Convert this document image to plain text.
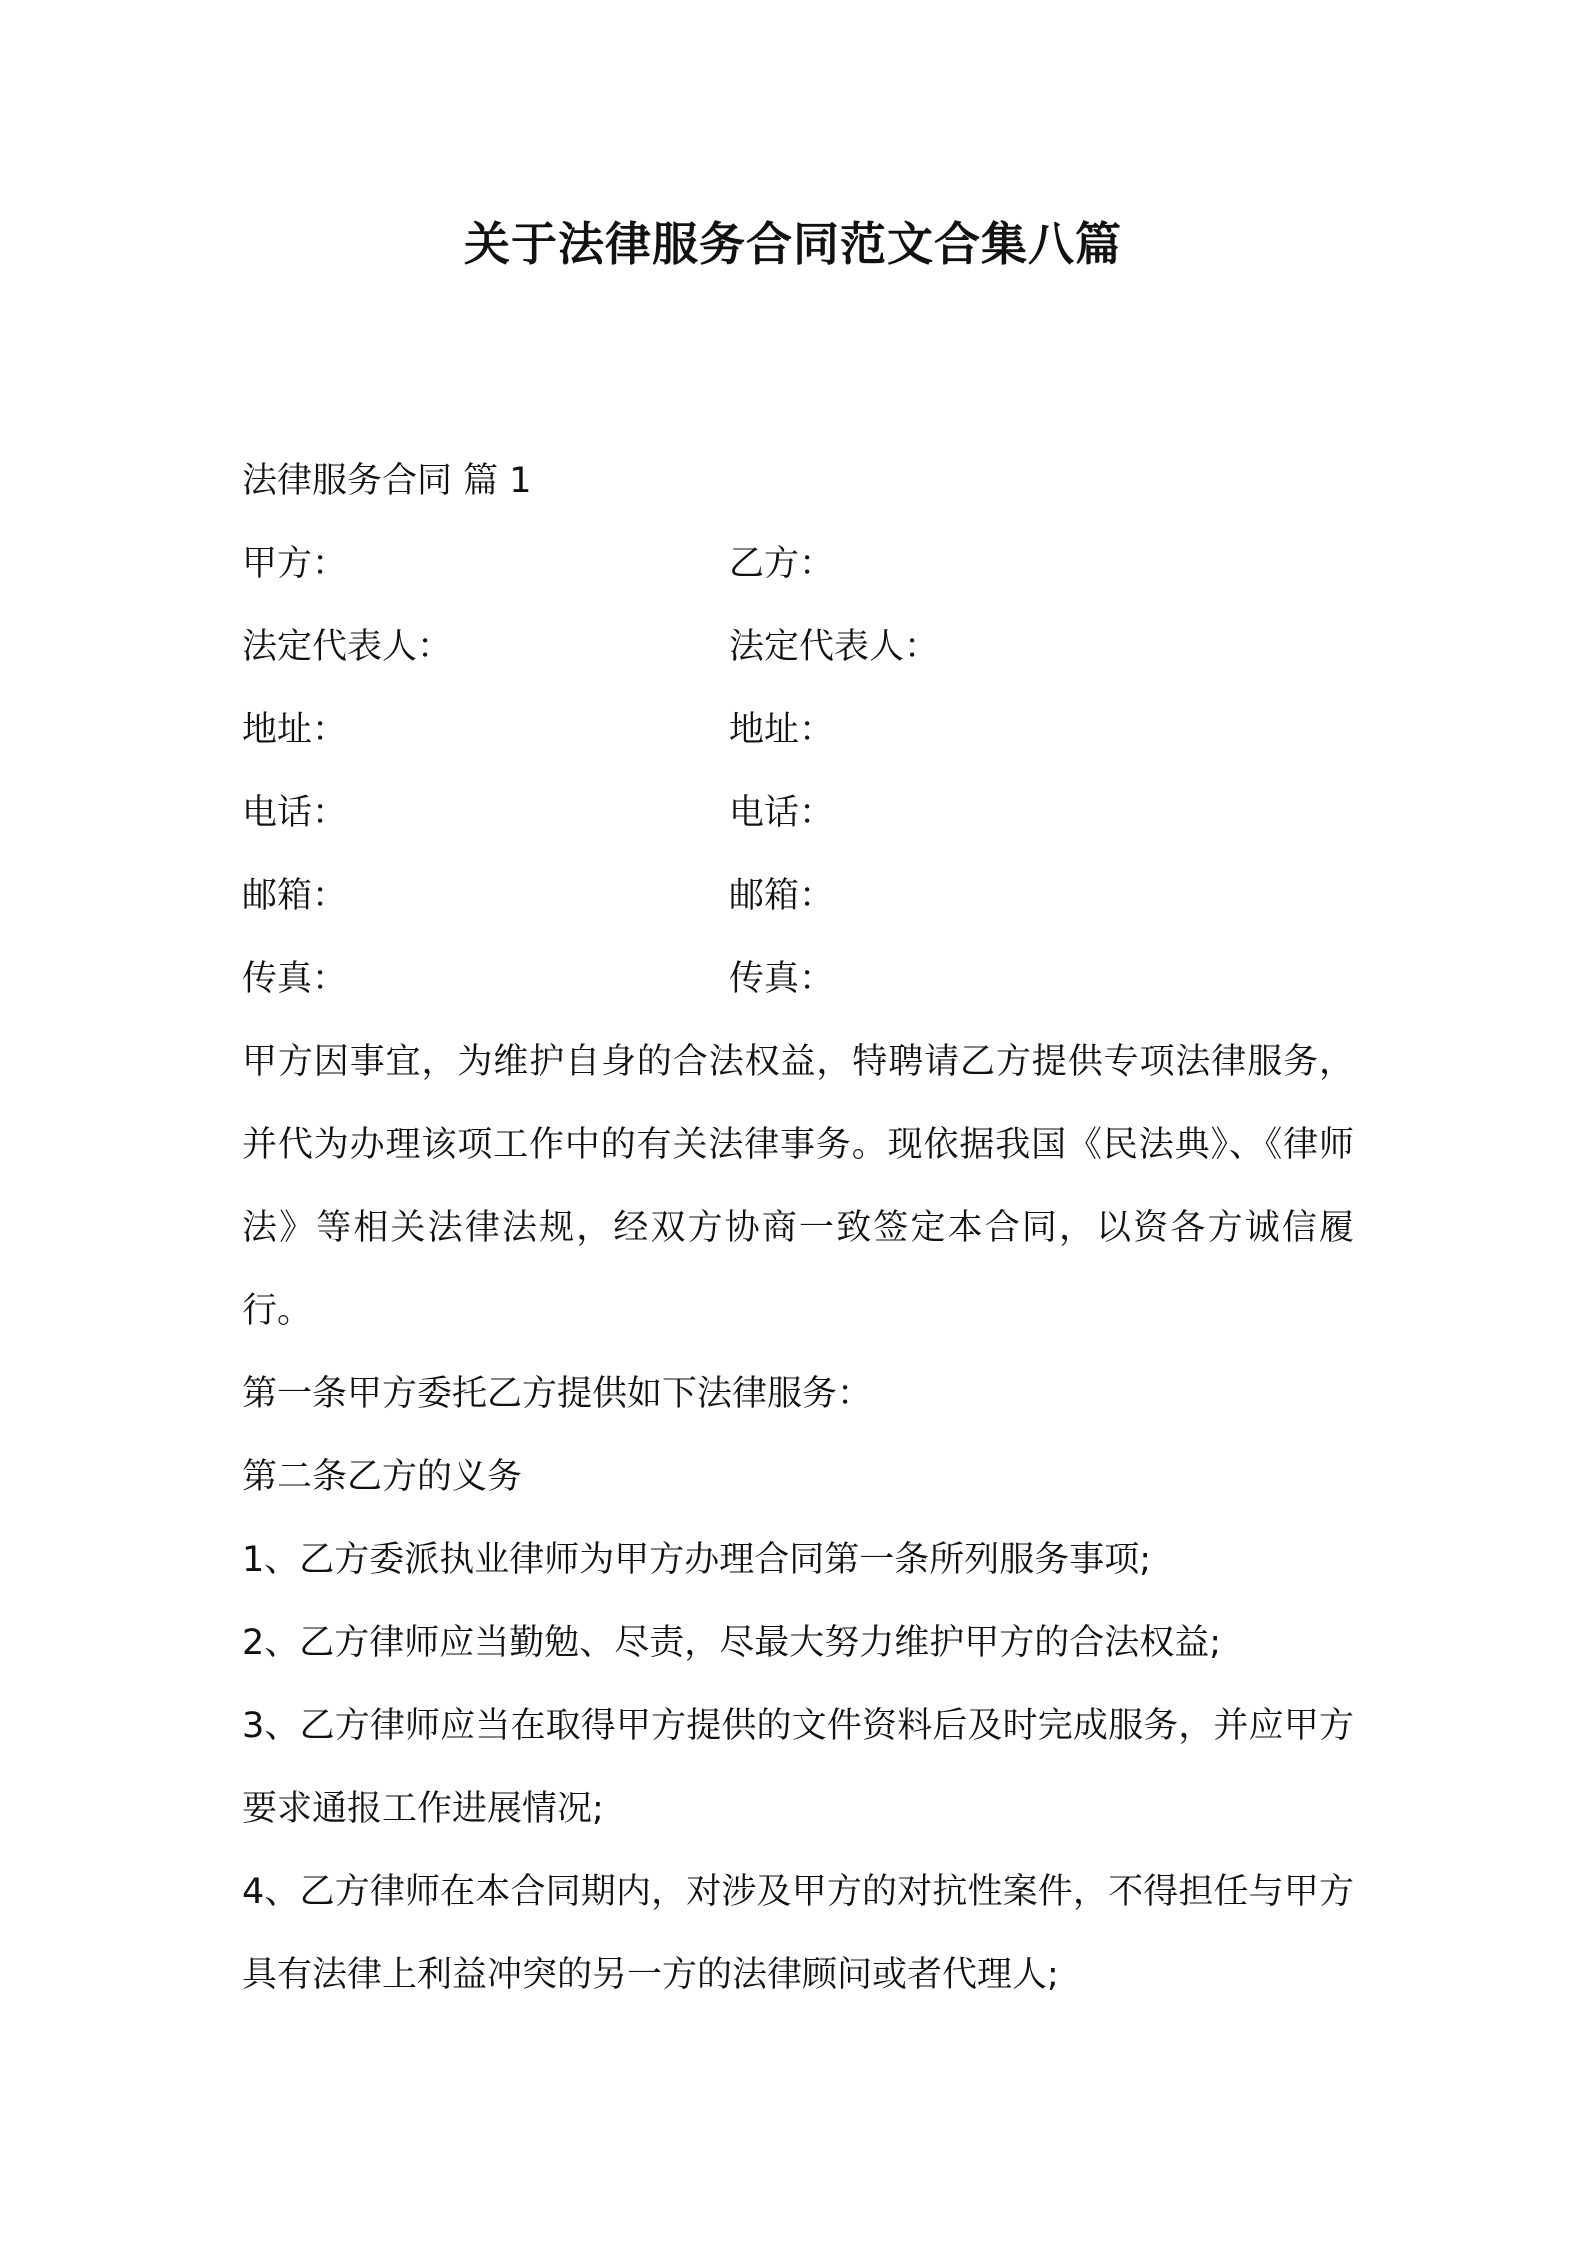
关于法律服务合同范文合集八篇
法律服务合同 篇 1
甲方：	乙方：
法定代表人：	法定代表人：
地址：	地址：
电话：	电话：
邮箱：	邮箱：
传真：	传真：
甲方因事宜，为维护自身的合法权益，特聘请乙方提供专项法律服务，并代为办理该项工作中的有关法律事务。现依据我国《民法典》、《律师法》等相关法律法规，经双方协商一致签定本合同，以资各方诚信履行。
第一条甲方委托乙方提供如下法律服务：
第二条乙方的义务
1、乙方委派执业律师为甲方办理合同第一条所列服务事项;
2、乙方律师应当勤勉、尽责，尽最大努力维护甲方的合法权益;
3、乙方律师应当在取得甲方提供的文件资料后及时完成服务，并应甲方要求通报工作进展情况;
4、乙方律师在本合同期内，对涉及甲方的对抗性案件，不得担任与甲方具有法律上利益冲突的另一方的法律顾问或者代理人;
